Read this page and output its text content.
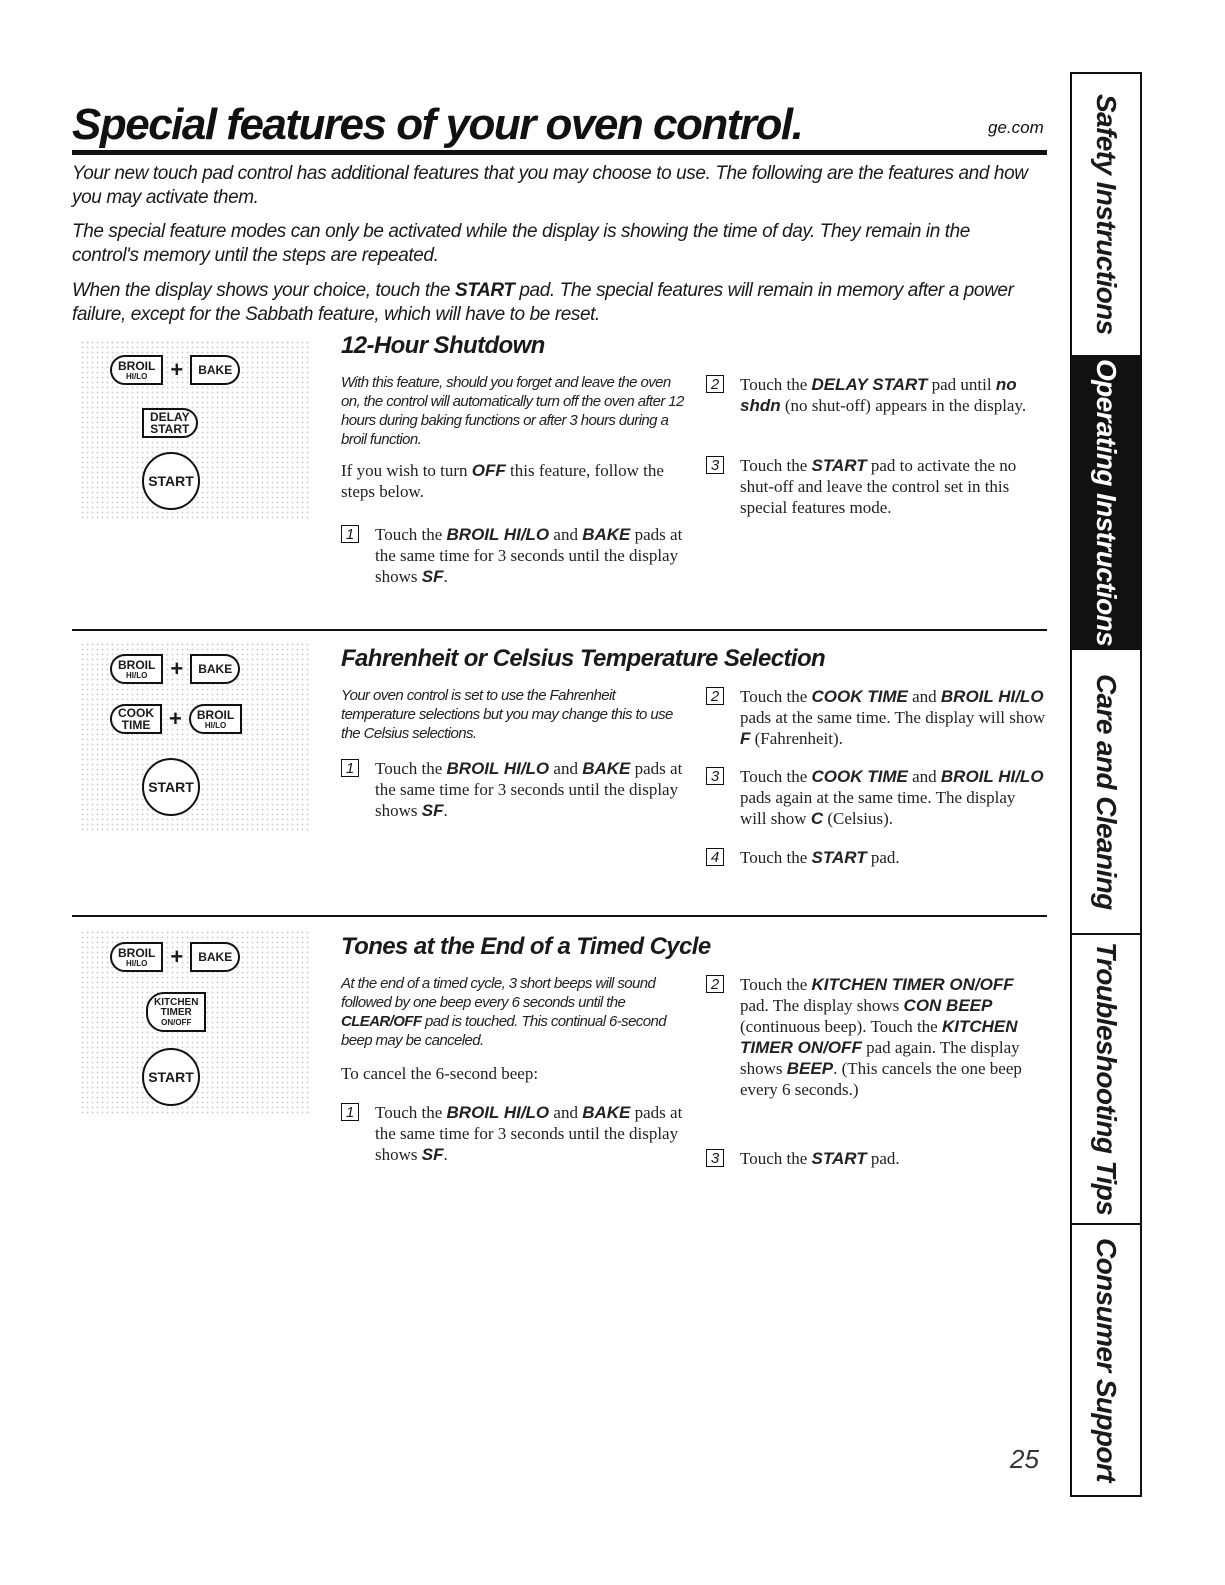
Special features of your oven control.	ge.com

Your new touch pad control has additional features that you may choose to use. The following are the features and how you may activate them.

The special feature modes can only be activated while the display is showing the time of day. They remain in the control's memory until the steps are repeated.

When the display shows your choice, touch the START pad. The special features will remain in memory after a power failure, except for the Sabbath feature, which will have to be reset.

BROIL
HI/LO +	BAKE
DELAY
START
START
12-Hour Shutdown

With this feature, should you forget and leave the oven on, the control will automatically turn off the oven after 12 hours during baking functions or after 3 hours during a broil function.

If you wish to turn OFF this feature, follow the steps below.

1 Touch the BROIL HI/LO and BAKE pads at the same time for 3 seconds until the display shows SF.
2 Touch the DELAY START pad until no shdn (no shut-off) appears in the display.
3 Touch the START pad to activate the no shut-off and leave the control set in this special features mode.
BROIL
HI/LO +	BAKE
COOK
TIME + BROIL
HI/LO
START
Fahrenheit or Celsius Temperature Selection

Your oven control is set to use the Fahrenheit temperature selections but you may change this to use the Celsius selections.

1 Touch the BROIL HI/LO and BAKE pads at the same time for 3 seconds until the display shows SF.
2 Touch the COOK TIME and BROIL HI/LO pads at the same time. The display will show F (Fahrenheit).
3 Touch the COOK TIME and BROIL HI/LO pads again at the same time. The display will show C (Celsius).
4 Touch the START pad.
BROIL
HI/LO +	BAKE
KITCHEN
TIMER
ON/OFF
START
Tones at the End of a Timed Cycle

At the end of a timed cycle, 3 short beeps will sound followed by one beep every 6 seconds until the CLEAR/OFF pad is touched. This continual 6-second beep may be canceled.

To cancel the 6-second beep:

1 Touch the BROIL HI/LO and BAKE pads at the same time for 3 seconds until the display shows SF.
2 Touch the KITCHEN TIMER ON/OFF pad. The display shows CON BEEP (continuous beep). Touch the KITCHEN TIMER ON/OFF pad again. The display shows BEEP. (This cancels the one beep every 6 seconds.)
3 Touch the START pad.
Safety Instructions
Operating Instructions
Care and Cleaning
Troubleshooting Tips
Consumer Support
25
